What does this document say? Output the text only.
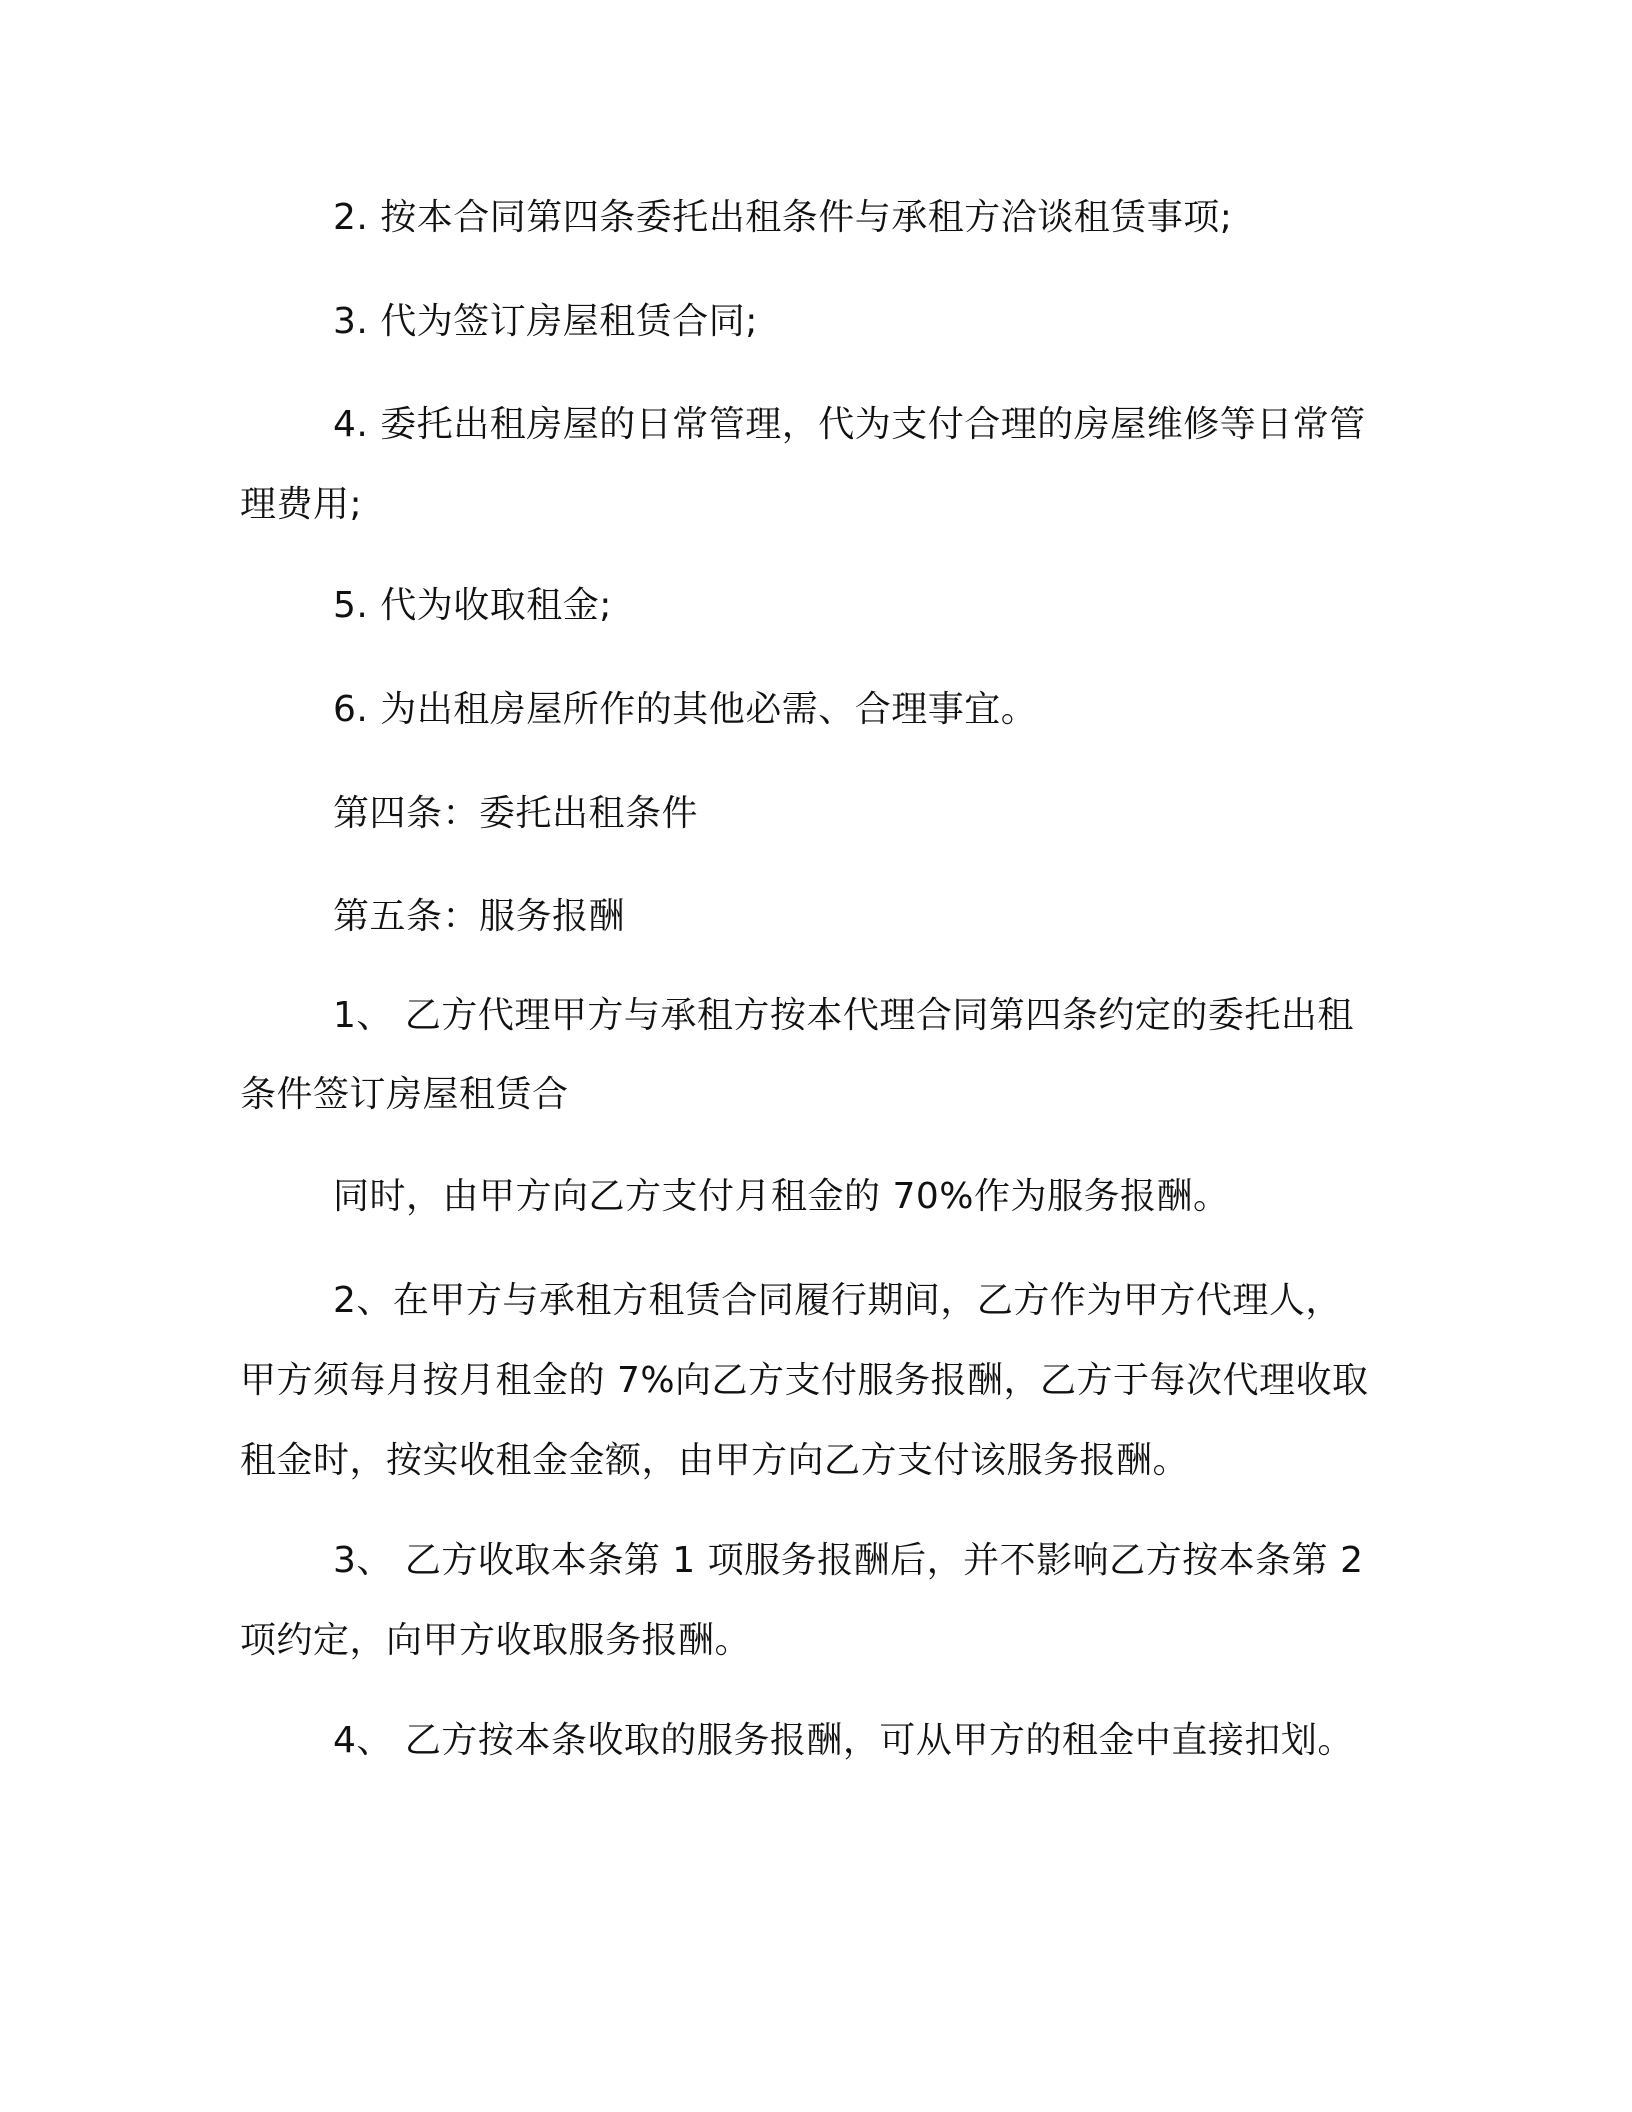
2. 按本合同第四条委托出租条件与承租方洽谈租赁事项;
3. 代为签订房屋租赁合同;
4. 委托出租房屋的日常管理，代为支付合理的房屋维修等日常管
理费用;
5. 代为收取租金;
6. 为出租房屋所作的其他必需、合理事宜。
第四条：委托出租条件
第五条：服务报酬
1、 乙方代理甲方与承租方按本代理合同第四条约定的委托出租
条件签订房屋租赁合
同时，由甲方向乙方支付月租金的 70%作为服务报酬。
2、在甲方与承租方租赁合同履行期间，乙方作为甲方代理人，
甲方须每月按月租金的 7%向乙方支付服务报酬，乙方于每次代理收取
租金时，按实收租金金额，由甲方向乙方支付该服务报酬。
3、 乙方收取本条第 1 项服务报酬后，并不影响乙方按本条第 2
项约定，向甲方收取服务报酬。
4、 乙方按本条收取的服务报酬，可从甲方的租金中直接扣划。
